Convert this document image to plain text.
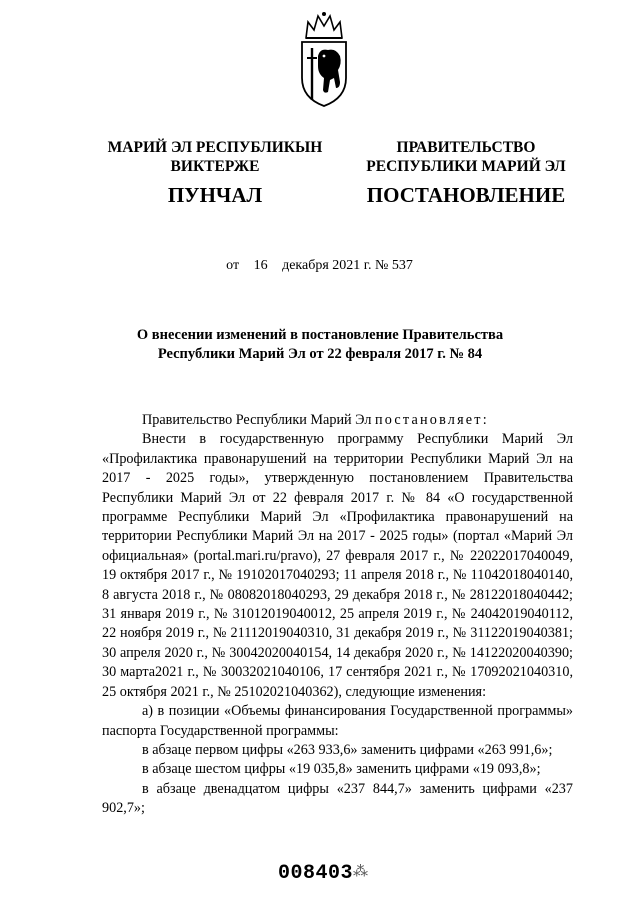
МАРИЙ ЭЛ РЕСПУБЛИКЫН
ВИКТЕРЖЕ
ПРАВИТЕЛЬСТВО
РЕСПУБЛИКИ МАРИЙ ЭЛ
ПУНЧАЛ	ПОСТАНОВЛЕНИЕ
от 16 декабря 2021 г. № 537
О внесении изменений в постановление Правительства
Республики Марий Эл от 22 февраля 2017 г. № 84

Правительство Республики Марий Эл постановляет:

Внести в государственную программу Республики Марий Эл «Профилактика правонарушений на территории Республики Марий Эл на 2017 - 2025 годы», утвержденную постановлением Правительства Республики Марий Эл от 22 февраля 2017 г. № 84 «О государственной программе Республики Марий Эл «Профилактика правонарушений на территории Республики Марий Эл на 2017 - 2025 годы» (портал «Марий Эл официальная» (portal.mari.ru/pravo), 27 февраля 2017 г., № 22022017040049, 19 октября 2017 г., № 19102017040293; 11 апреля 2018 г., № 11042018040140, 8 августа 2018 г., № 08082018040293, 29 декабря 2018 г., № 28122018040442; 31 января 2019 г., № 31012019040012, 25 апреля 2019 г., № 24042019040112, 22 ноября 2019 г., № 21112019040310, 31 декабря 2019 г., № 31122019040381; 30 апреля 2020 г., № 30042020040154, 14 декабря 2020 г., № 14122020040390; 30 марта2021 г., № 30032021040106, 17 сентября 2021 г., № 17092021040310, 25 октября 2021 г., № 25102021040362), следующие изменения:

а) в позиции «Объемы финансирования Государственной программы» паспорта Государственной программы:

в абзаце первом цифры «263 933,6» заменить цифрами «263 991,6»;

в абзаце шестом цифры «19 035,8» заменить цифрами «19 093,8»;

в абзаце двенадцатом цифры «237 844,7» заменить цифрами «237 902,7»;

008403 ⁂
